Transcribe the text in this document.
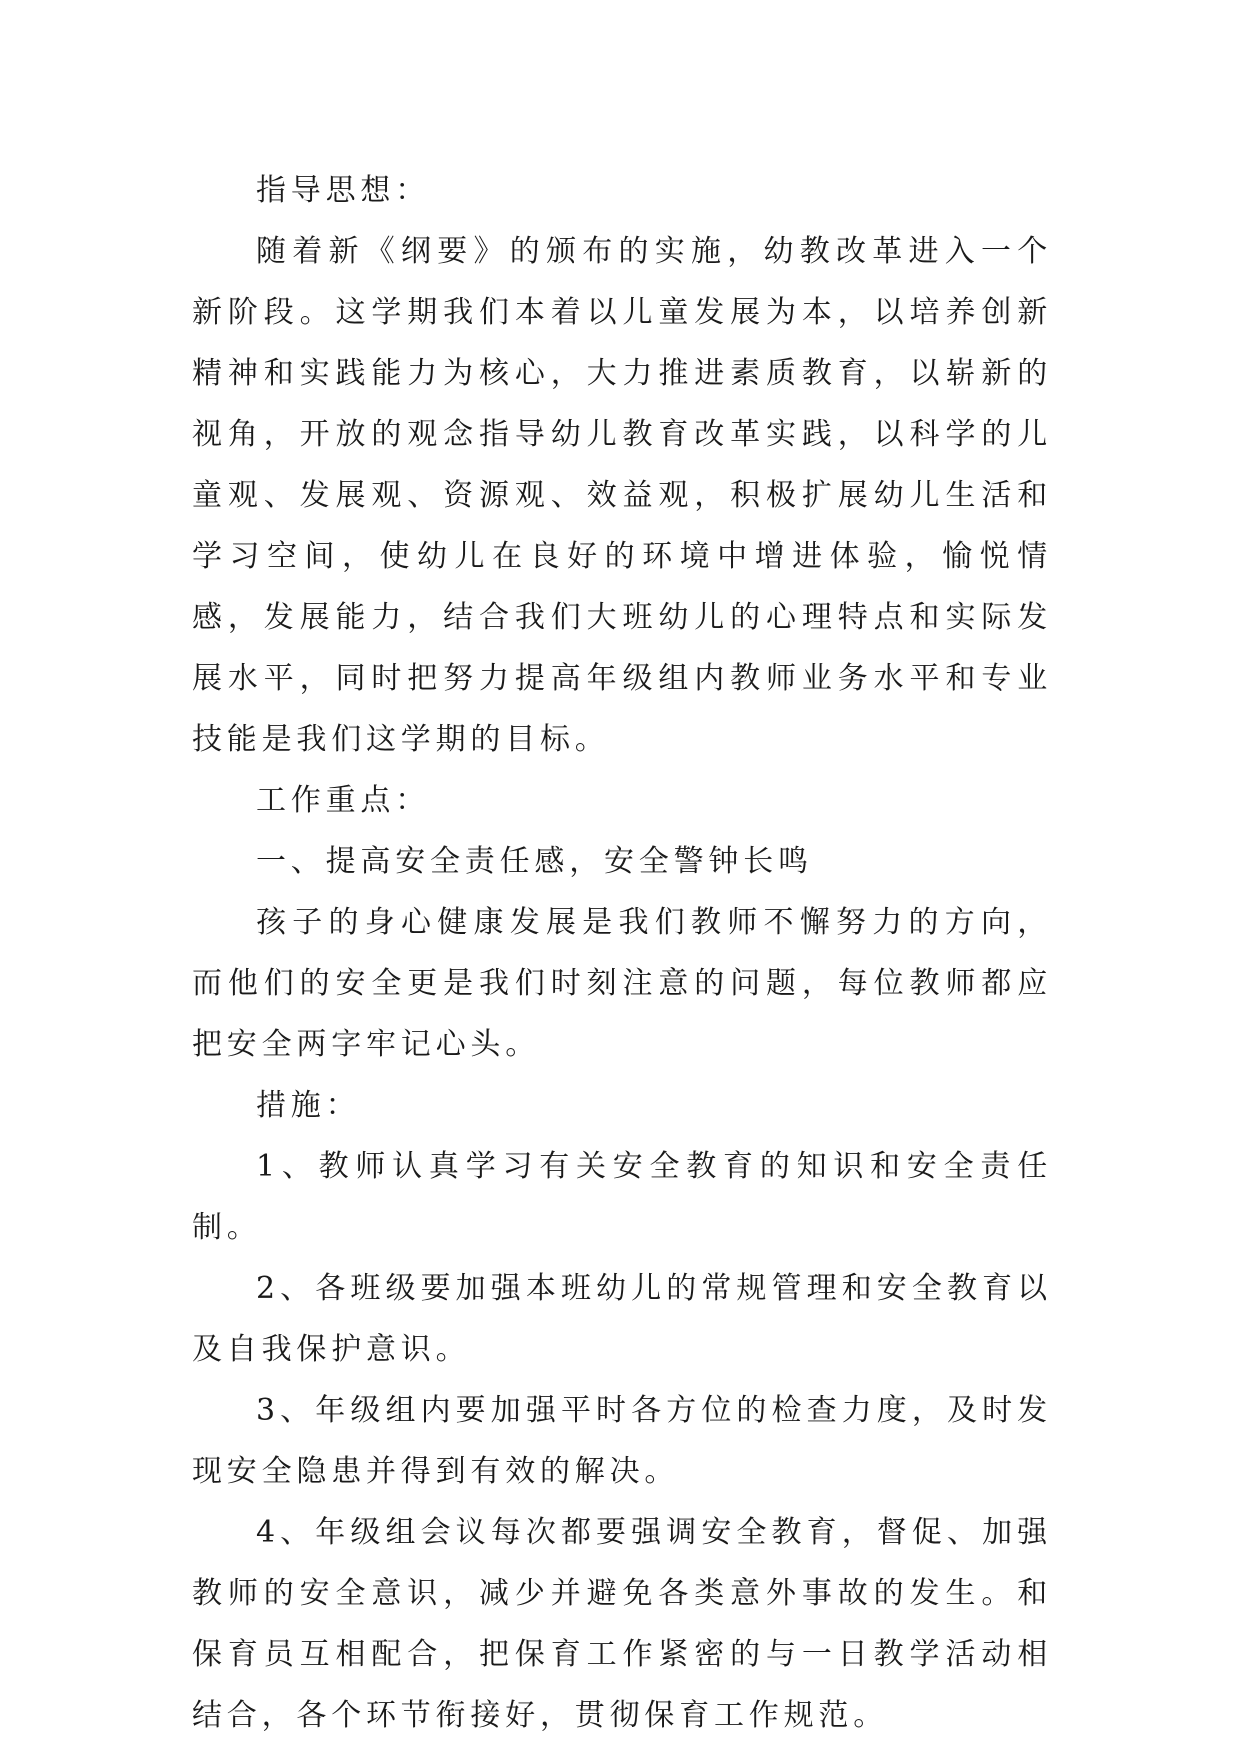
指导思想：

随着新《纲要》的颁布的实施，幼教改革进入一个新阶段。这学期我们本着以儿童发展为本，以培养创新精神和实践能力为核心，大力推进素质教育，以崭新的视角，开放的观念指导幼儿教育改革实践，以科学的儿童观、发展观、资源观、效益观，积极扩展幼儿生活和学习空间，使幼儿在良好的环境中增进体验，愉悦情感，发展能力，结合我们大班幼儿的心理特点和实际发展水平，同时把努力提高年级组内教师业务水平和专业技能是我们这学期的目标。

工作重点：

一、提高安全责任感，安全警钟长鸣

孩子的身心健康发展是我们教师不懈努力的方向，而他们的安全更是我们时刻注意的问题，每位教师都应把安全两字牢记心头。

措施：

1、教师认真学习有关安全教育的知识和安全责任制。

2、各班级要加强本班幼儿的常规管理和安全教育以及自我保护意识。

3、年级组内要加强平时各方位的检查力度，及时发现安全隐患并得到有效的解决。

4、年级组会议每次都要强调安全教育，督促、加强教师的安全意识，减少并避免各类意外事故的发生。和保育员互相配合，把保育工作紧密的与一日教学活动相结合，各个环节衔接好，贯彻保育工作规范。
